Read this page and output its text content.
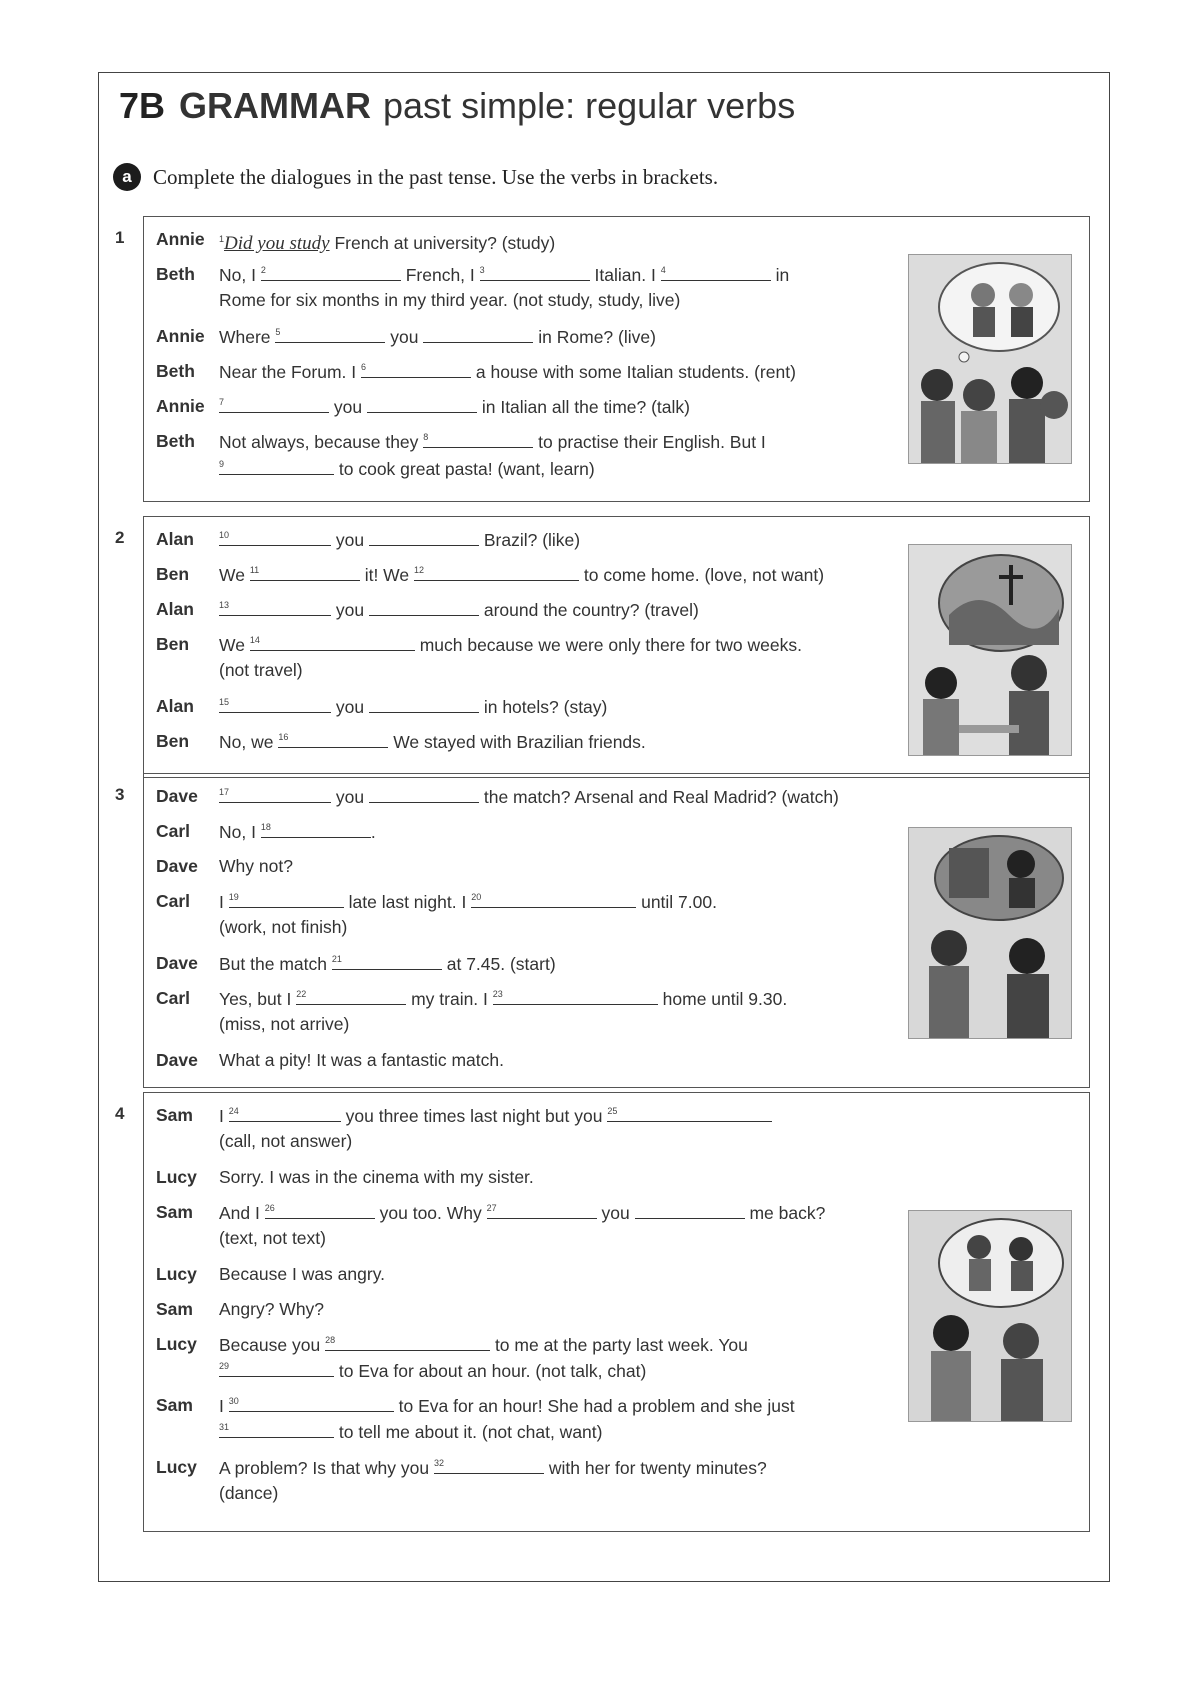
7B GRAMMAR past simple: regular verbs
a	Complete the dialogues in the past tense. Use the verbs in brackets.
1 Annie $^1$Did you study French at university? (study)
Beth No, I 2	French, I 3	Italian. I 4	in
Rome for six months in my third year. (not study, study, live)
Annie Where 5	you	in Rome? (live)
Beth Near the Forum. I 6	a house with some Italian students. (rent)
Annie 7	you	in Italian all the time? (talk)
Beth Not always, because they 8	to practise their English. But I
9	to cook great pasta! (want, learn)
2 Alan	10	you	Brazil? (like)
Ben We 11	it! We 12	to come home. (love, not want)
Alan	13	you	around the country? (travel)
Ben We 14	much because we were only there for two weeks.
(not travel)
Alan	15	you	in hotels? (stay)
Ben No, we 16	We stayed with Brazilian friends.
3 Dave 17	you	the match? Arsenal and Real Madrid? (watch)
Carl No, I 18	.
Dave Why not?
Carl I 19	late last night. I 20	until 7.00.
(work, not finish)
Dave But the match 21	at 7.45. (start)
Carl Yes, but I 22	my train. I 23	home until 9.30.
(miss, not arrive)
Dave What a pity! It was a fantastic match.
4 Sam I 24	you three times last night but you 25
(call, not answer)
Lucy Sorry. I was in the cinema with my sister.
Sam And I 26	you too. Why 27	you	me back?
(text, not text)
Lucy Because I was angry.
Sam Angry? Why?
Lucy Because you 28	to me at the party last week. You
29	to Eva for about an hour. (not talk, chat)
Sam I 30	to Eva for an hour! She had a problem and she just
31	to tell me about it. (not chat, want)
Lucy A problem? Is that why you 32	with her for twenty minutes?
(dance)
